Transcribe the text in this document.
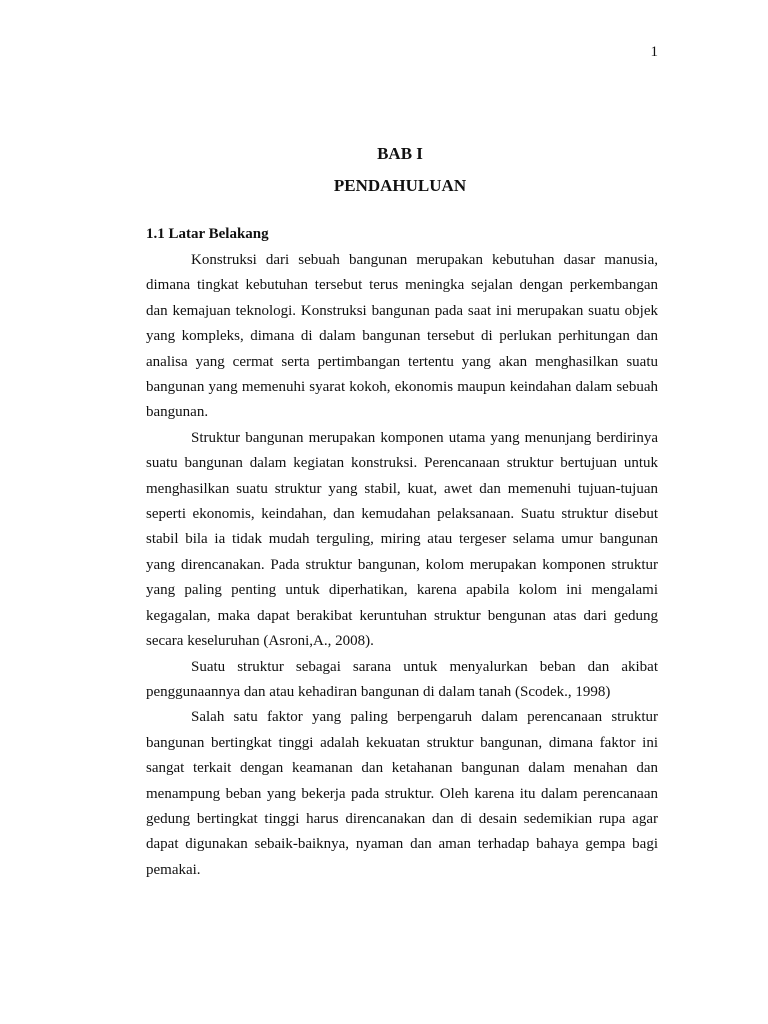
1
BAB I
PENDAHULUAN
1.1 Latar Belakang

Konstruksi dari sebuah bangunan merupakan kebutuhan dasar manusia, dimana tingkat kebutuhan tersebut terus meningka sejalan dengan perkembangan dan kemajuan teknologi. Konstruksi bangunan pada saat ini merupakan suatu objek yang kompleks, dimana di dalam bangunan tersebut di perlukan perhitungan dan analisa yang cermat serta pertimbangan tertentu yang akan menghasilkan suatu bangunan yang memenuhi syarat kokoh, ekonomis maupun keindahan dalam sebuah bangunan.

Struktur bangunan merupakan komponen utama yang menunjang berdirinya suatu bangunan dalam kegiatan konstruksi. Perencanaan struktur bertujuan untuk menghasilkan suatu struktur yang stabil, kuat, awet dan memenuhi tujuan-tujuan seperti ekonomis, keindahan, dan kemudahan pelaksanaan. Suatu struktur disebut stabil bila ia tidak mudah terguling, miring atau tergeser selama umur bangunan yang direncanakan. Pada struktur bangunan, kolom merupakan komponen struktur yang paling penting untuk diperhatikan, karena apabila kolom ini mengalami kegagalan, maka dapat berakibat keruntuhan struktur bengunan atas dari gedung secara keseluruhan (Asroni,A., 2008).

Suatu struktur sebagai sarana untuk menyalurkan beban dan akibat penggunaannya dan atau kehadiran bangunan di dalam tanah (Scodek., 1998)

Salah satu faktor yang paling berpengaruh dalam perencanaan struktur bangunan bertingkat tinggi adalah kekuatan struktur bangunan, dimana faktor ini sangat terkait dengan keamanan dan ketahanan bangunan dalam menahan dan menampung beban yang bekerja pada struktur. Oleh karena itu dalam perencanaan gedung bertingkat tinggi harus direncanakan dan di desain sedemikian rupa agar dapat digunakan sebaik-baiknya, nyaman dan aman terhadap bahaya gempa bagi pemakai.
